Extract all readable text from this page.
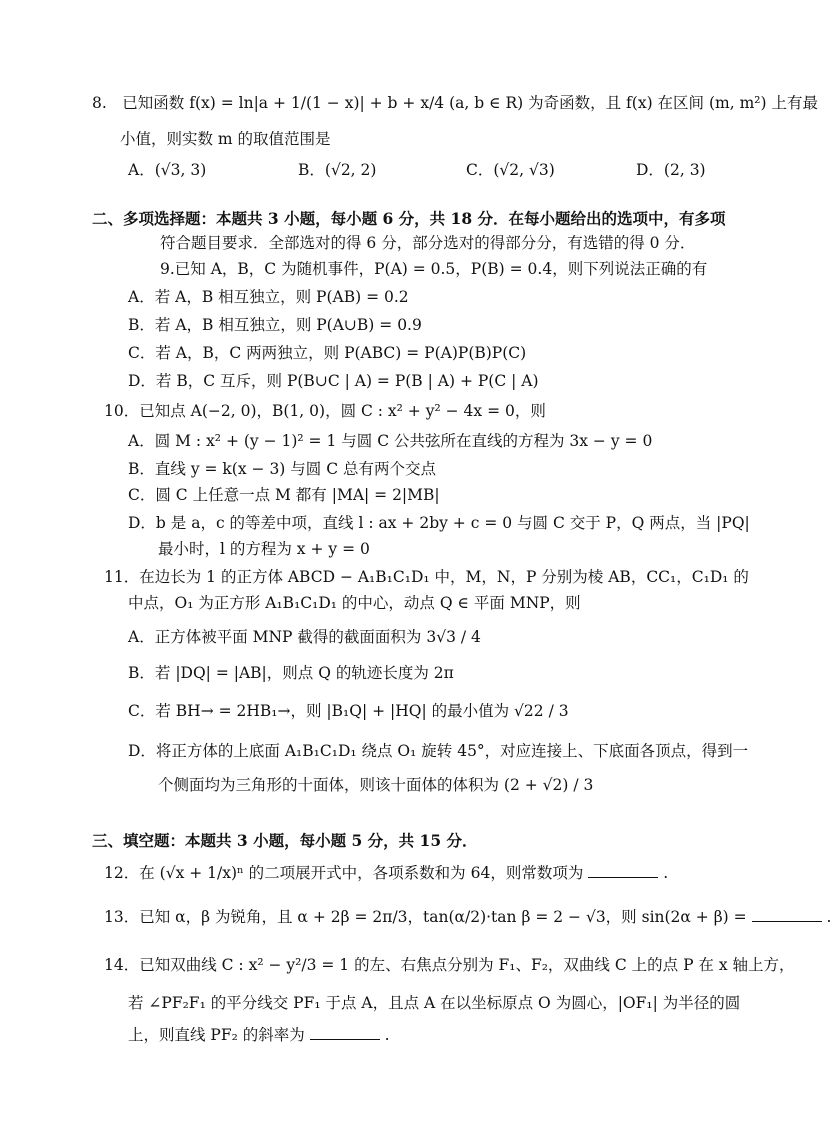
8.　已知函数 f(x) = ln|a + 1/(1 − x)| + b + x/4 (a, b ∈ R) 为奇函数，且 f(x) 在区间 (m, m²) 上有最
小值，则实数 m 的取值范围是
A．(√3, 3)	B．(√2, 2)	C．(√2, √3)	D．(2, 3)
二、多项选择题：本题共 3 小题，每小题 6 分，共 18 分．在每小题给出的选项中，有多项
符合题目要求．全部选对的得 6 分，部分选对的得部分分，有选错的得 0 分．
9.已知 A，B，C 为随机事件，P(A) = 0.5，P(B) = 0.4，则下列说法正确的有
A．若 A，B 相互独立，则 P(AB) = 0.2
B．若 A，B 相互独立，则 P(A∪B) = 0.9
C．若 A，B，C 两两独立，则 P(ABC) = P(A)P(B)P(C)
D．若 B，C 互斥，则 P(B∪C | A) = P(B | A) + P(C | A)
10．已知点 A(−2, 0)，B(1, 0)，圆 C : x² + y² − 4x = 0，则
A．圆 M : x² + (y − 1)² = 1 与圆 C 公共弦所在直线的方程为 3x − y = 0
B．直线 y = k(x − 3) 与圆 C 总有两个交点
C．圆 C 上任意一点 M 都有 |MA| = 2|MB|
D．b 是 a，c 的等差中项，直线 l : ax + 2by + c = 0 与圆 C 交于 P，Q 两点，当 |PQ|
最小时，l 的方程为 x + y = 0
11．在边长为 1 的正方体 ABCD − A₁B₁C₁D₁ 中，M，N，P 分别为棱 AB，CC₁，C₁D₁ 的
中点，O₁ 为正方形 A₁B₁C₁D₁ 的中心，动点 Q ∈ 平面 MNP，则
A．正方体被平面 MNP 截得的截面面积为 3√3 / 4
B．若 |DQ| = |AB|，则点 Q 的轨迹长度为 2π
C．若 BH→ = 2HB₁→，则 |B₁Q| + |HQ| 的最小值为 √22 / 3
D．将正方体的上底面 A₁B₁C₁D₁ 绕点 O₁ 旋转 45°，对应连接上、下底面各顶点，得到一
个侧面均为三角形的十面体，则该十面体的体积为 (2 + √2) / 3
三、填空题：本题共 3 小题，每小题 5 分，共 15 分．
12．在 (√x + 1/x)ⁿ 的二项展开式中，各项系数和为 64，则常数项为	.
13．已知 α，β 为锐角，且 α + 2β = 2π/3，tan(α/2)·tan β = 2 − √3，则 sin(2α + β) =	.
14．已知双曲线 C : x² − y²/3 = 1 的左、右焦点分别为 F₁、F₂，双曲线 C 上的点 P 在 x 轴上方，
若 ∠PF₂F₁ 的平分线交 PF₁ 于点 A，且点 A 在以坐标原点 O 为圆心，|OF₁| 为半径的圆
上，则直线 PF₂ 的斜率为	.
